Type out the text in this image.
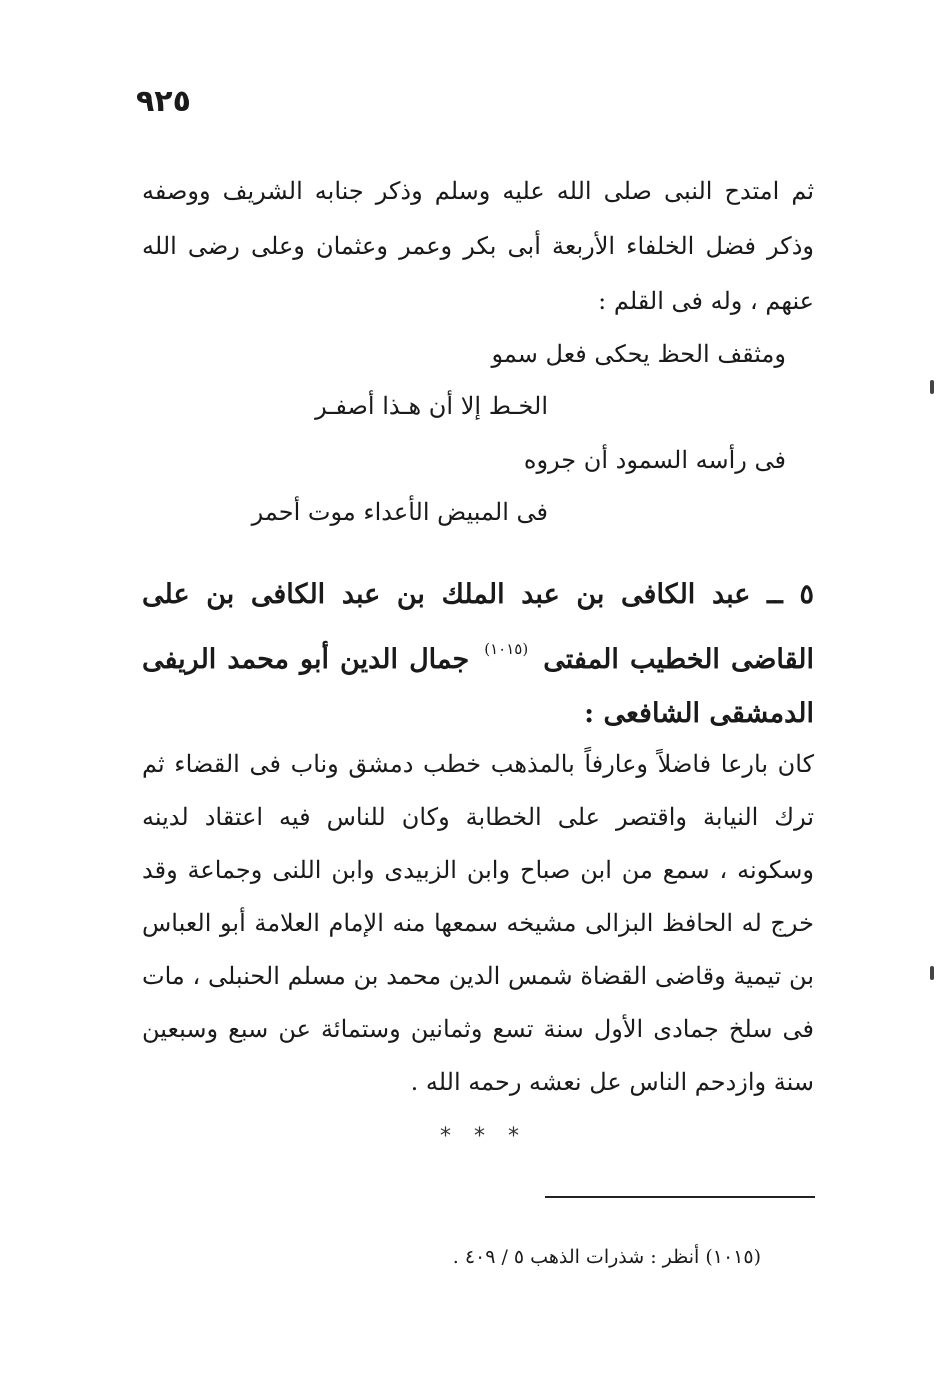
٩٢٥
ثم امتدح النبى صلى الله عليه وسلم وذكر جنابه الشريف ووصفه وذكر فضل الخلفاء الأربعة أبى بكر وعمر وعثمان وعلى رضى الله عنهم ، وله فى القلم :
ومثقف الحظ يحكى فعل سمو
الخـط إلا أن هـذا أصفـر
فى رأسه السمود أن جروه
فى المبيض الأعداء موت أحمر
٥ ــ عبد الكافى بن عبد الملك بن عبد الكافى بن على القاضى الخطيب المفتى $^{(١٠١٥)}$ جمال الدين أبو محمد الريفى الدمشقى الشافعى :
كان بارعا فاضلاً وعارفاً بالمذهب خطب دمشق وناب فى القضاء ثم ترك النيابة واقتصر على الخطابة وكان للناس فيه اعتقاد لدينه وسكونه ، سمع من ابن صباح وابن الزبيدى وابن اللنى وجماعة وقد خرج له الحافظ البزالى مشيخه سمعها منه الإمام العلامة أبو العباس بن تيمية وقاضى القضاة شمس الدين محمد بن مسلم الحنبلى ، مات فى سلخ جمادى الأول سنة تسع وثمانين وستمائة عن سبع وسبعين سنة وازدحم الناس عل نعشه رحمه الله .
* * *
(١٠١٥) أنظر : شذرات الذهب ٥ / ٤٠٩ .
